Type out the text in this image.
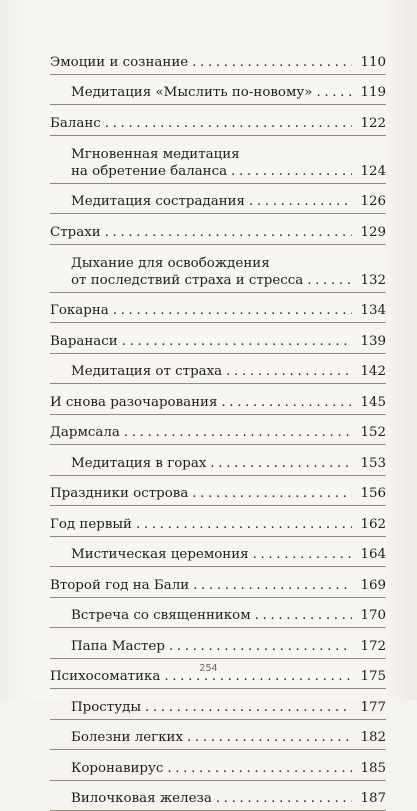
Эмоции и сознание . . .	110
Медитация «Мыслить по-новому» . . .	119
Баланс . . .	122
Мгновенная медитация
на обретение баланса . . .	124
Медитация сострадания . . .	126
Страхи . . .	129
Дыхание для освобождения
от последствий страха и стресса . . .	132
Гокарна . . .	134
Варанаси . . .	139
Медитация от страха . . .	142
И снова разочарования . . .	145
Дармсала . . .	152
Медитация в горах . . .	153
Праздники острова . . .	156
Год первый . . .	162
Мистическая церемония . . .	164
Второй год на Бали . . .	169
Встреча со священником . . .	170
Папа Мастер . . .	172
Психосоматика . . .	175
Простуды . . .	177
Болезни легких . . .	182
Коронавирус . . .	185
Вилочковая железа . . .	187
254
